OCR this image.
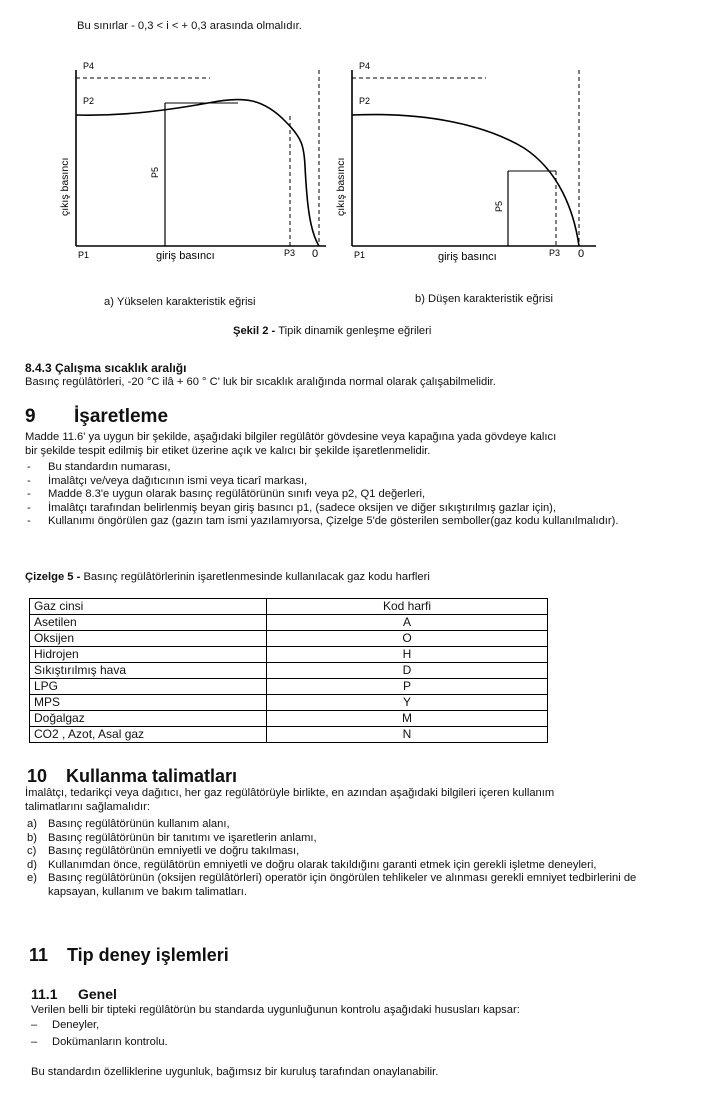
Bu sınırlar - 0,3 < i < + 0,3 arasında olmalıdır.
P4
P2
P5
çıkış basıncı
P1	giriş basıncı	P3 0
P4
P2
P5
çıkış basıncı
P1	giriş basıncı	P3 0
a) Yükselen karakteristik eğrisi	b) Düşen karakteristik eğrisi
Şekil 2 - Tipik dinamik genleşme eğrileri
8.4.3 Çalışma sıcaklık aralığı
Basınç regülâtörleri, -20 °C ilâ + 60 ° C' luk bir sıcaklık aralığında normal olarak çalışabilmelidir.
9 İşaretleme
Madde 11.6' ya uygun bir şekilde, aşağıdaki bilgiler regülâtör gövdesine veya kapağına yada gövdeye kalıcı
bir şekilde tespit edilmiş bir etiket üzerine açık ve kalıcı bir şekilde işaretlenmelidir.
- Bu standardın numarası,
- İmalâtçı ve/veya dağıtıcının ismi veya ticarî markası,
- Madde 8.3'e uygun olarak basınç regülâtörünün sınıfı veya p2, Q1 değerleri,
- İmalâtçı tarafından belirlenmiş beyan giriş basıncı p1, (sadece oksijen ve diğer sıkıştırılmış gazlar için),
- Kullanımı öngörülen gaz (gazın tam ismi yazılamıyorsa, Çizelge 5'de gösterilen semboller(gaz kodu kullanılmalıdır).
Çizelge 5 - Basınç regülâtörlerinin işaretlenmesinde kullanılacak gaz kodu harfleri
Gaz cinsi	Kod harfi
Asetilen	A
Oksijen	O
Hidrojen	H
Sıkıştırılmış hava	D
LPG	P
MPS	Y
Doğalgaz	M
CO2 , Azot, Asal gaz	N
10 Kullanma talimatları
İmalâtçı, tedarikçi veya dağıtıcı, her gaz regülâtörüyle birlikte, en azından aşağıdaki bilgileri içeren kullanım
talimatlarını sağlamalıdır:
a) Basınç regülâtörünün kullanım alanı,
b) Basınç regülâtörünün bir tanıtımı ve işaretlerin anlamı,
c) Basınç regülâtörünün emniyetli ve doğru takılması,
d) Kullanımdan önce, regülâtörün emniyetli ve doğru olarak takıldığını garanti etmek için gerekli işletme deneyleri,
e) Basınç regülâtörünün (oksijen regülâtörleri) operatör için öngörülen tehlikeler ve alınması gerekli emniyet tedbirlerini de kapsayan, kullanım ve bakım talimatları.
11 Tip deney işlemleri
11.1 Genel
Verilen belli bir tipteki regülâtörün bu standarda uygunluğunun kontrolu aşağıdaki hususları kapsar:
– Deneyler,
– Dokümanların kontrolu.
Bu standardın özelliklerine uygunluk, bağımsız bir kuruluş tarafından onaylanabilir.
